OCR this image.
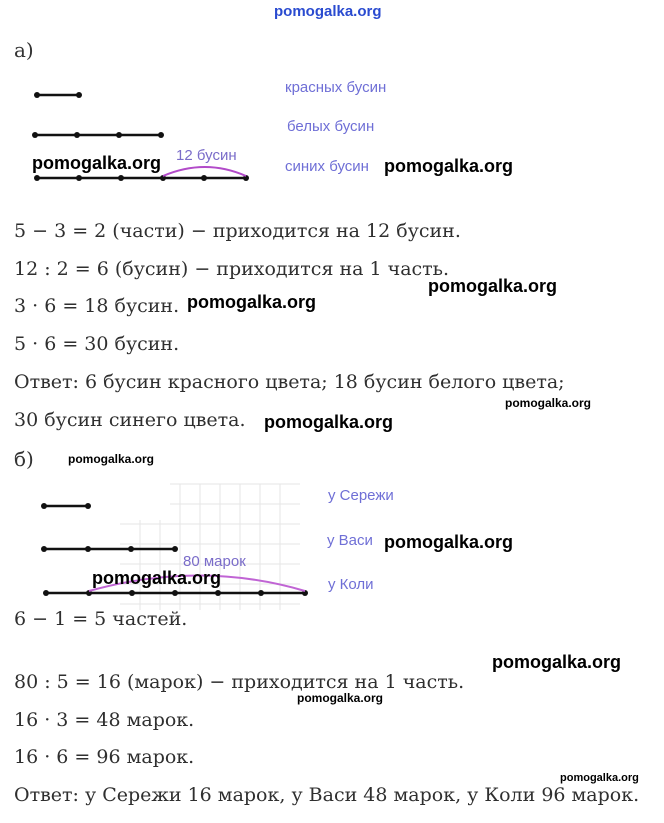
pomogalka.org
а)
красных бусин
белых бусин
синих бусин
12 бусин
pomogalka.org	pomogalka.org
5 − 3 = 2 (части) − приходится на 12 бусин.
12 : 2 = 6 (бусин) − приходится на 1 часть.
3 · 6 = 18 бусин.
5 · 6 = 30 бусин.
Ответ: 6 бусин красного цвета; 18 бусин белого цвета;
30 бусин синего цвета.
pomogalka.org
pomogalka.org
pomogalka.org
pomogalka.org
б)	pomogalka.org
у Сережи
у Васи
у Коли
80 марок
pomogalka.org
pomogalka.org
6 − 1 = 5 частей.
80 : 5 = 16 (марок) − приходится на 1 часть.
16 · 3 = 48 марок.
16 · 6 = 96 марок.
Ответ: у Сережи 16 марок, у Васи 48 марок, у Коли 96 марок.
pomogalka.org
pomogalka.org
pomogalka.org
